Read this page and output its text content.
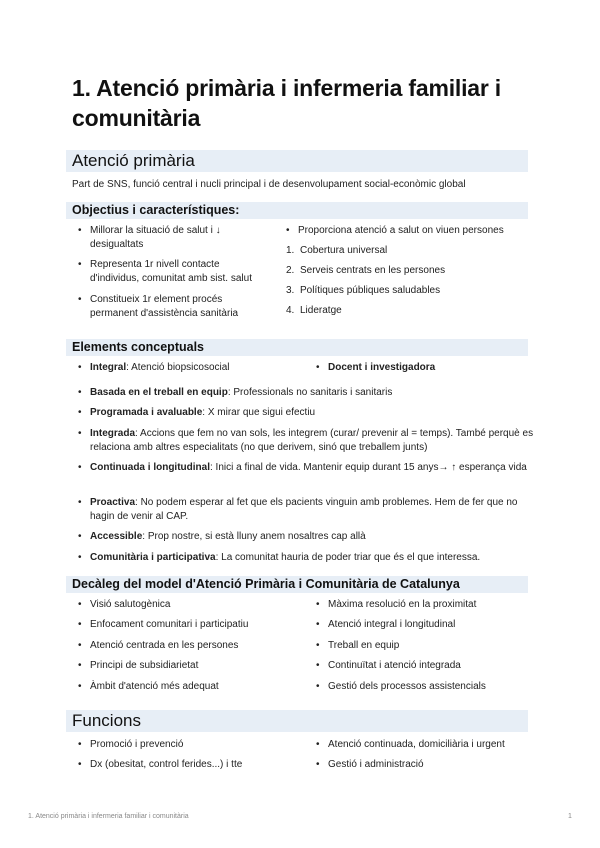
1. Atenció primària i infermeria familiar i comunitària
Atenció primària
Part de SNS, funció central i nucli principal i de desenvolupament social-econòmic global
Objectius i característiques:
• Millorar la situació de salut i ↓ desigualtats
• Representa 1r nivell contacte d'individus, comunitat amb sist. salut
• Constitueix 1r element procés permanent d'assistència sanitària
• Proporciona atenció a salut on viuen persones
1. Cobertura universal
2. Serveis centrats en les persones
3. Polítiques públiques saludables
4. Lideratge
Elements conceptuals
• Integral: Atenció biopsicosocial
•	Docent i investigadora
• Basada en el treball en equip: Professionals no sanitaris i sanitaris
• Programada i avaluable: X mirar que sigui efectiu
• Integrada: Accions que fem no van sols, les integrem (curar/ prevenir al = temps). També perquè es relaciona amb altres especialitats (no que derivem, sinó que treballem junts)
• Continuada i longitudinal: Inici a final de vida. Mantenir equip durant 15 anys→ ↑ esperança vida
• Proactiva: No podem esperar al fet que els pacients vinguin amb problemes. Hem de fer que no hagin de venir al CAP.
• Accessible: Prop nostre, si està lluny anem nosaltres cap allà
• Comunitària i participativa: La comunitat hauria de poder triar que és el que interessa.
Decàleg del model d'Atenció Primària i Comunitària de Catalunya
• Visió salutogènica
• Enfocament comunitari i participatiu
• Atenció centrada en les persones
• Principi de subsidiarietat
• Àmbit d'atenció més adequat
• Màxima resolució en la proximitat
• Atenció integral i longitudinal
• Treball en equip
• Continuïtat i atenció integrada
• Gestió dels processos assistencials
Funcions
• Promoció i prevenció
• Dx (obesitat, control ferides...) i tte
• Atenció continuada, domiciliària i urgent
• Gestió i administració
1. Atenció primària i infermeria familiar i comunitària	1
